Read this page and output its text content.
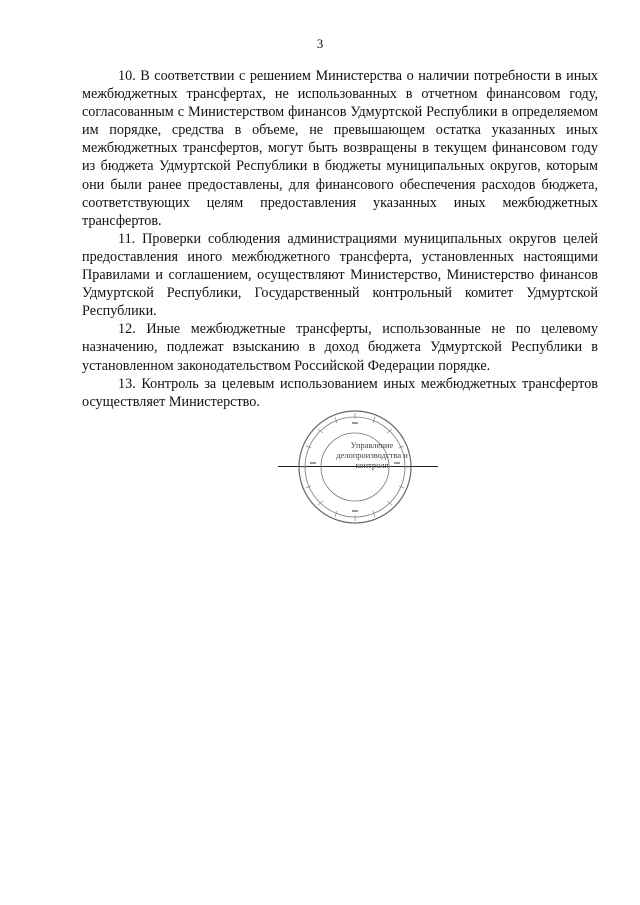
3

10. В соответствии с решением Министерства о наличии потребности в иных межбюджетных трансфертах, не использованных в отчетном финансовом году, согласованным с Министерством финансов Удмуртской Республики в определяемом им порядке, средства в объеме, не превышающем остатка указанных иных межбюджетных трансфертов, могут быть возвращены в текущем финансовом году из бюджета Удмуртской Республики в бюджеты муниципальных округов, которым они были ранее предоставлены, для финансового обеспечения расходов бюджета, соответствующих целям предоставления указанных иных межбюджетных трансфертов.

11. Проверки соблюдения администрациями муниципальных округов целей предоставления иного межбюджетного трансферта, установленных настоящими Правилами и соглашением, осуществляют Министерство, Министерство финансов Удмуртской Республики, Государственный контрольный комитет Удмуртской Республики.

12. Иные межбюджетные трансферты, использованные не по целевому назначению, подлежат взысканию в доход бюджета Удмуртской Республики в установленном законодательством Российской Федерации порядке.

13. Контроль за целевым использованием иных межбюджетных трансфертов осуществляет Министерство.

Управление делопроизводства и контроля
